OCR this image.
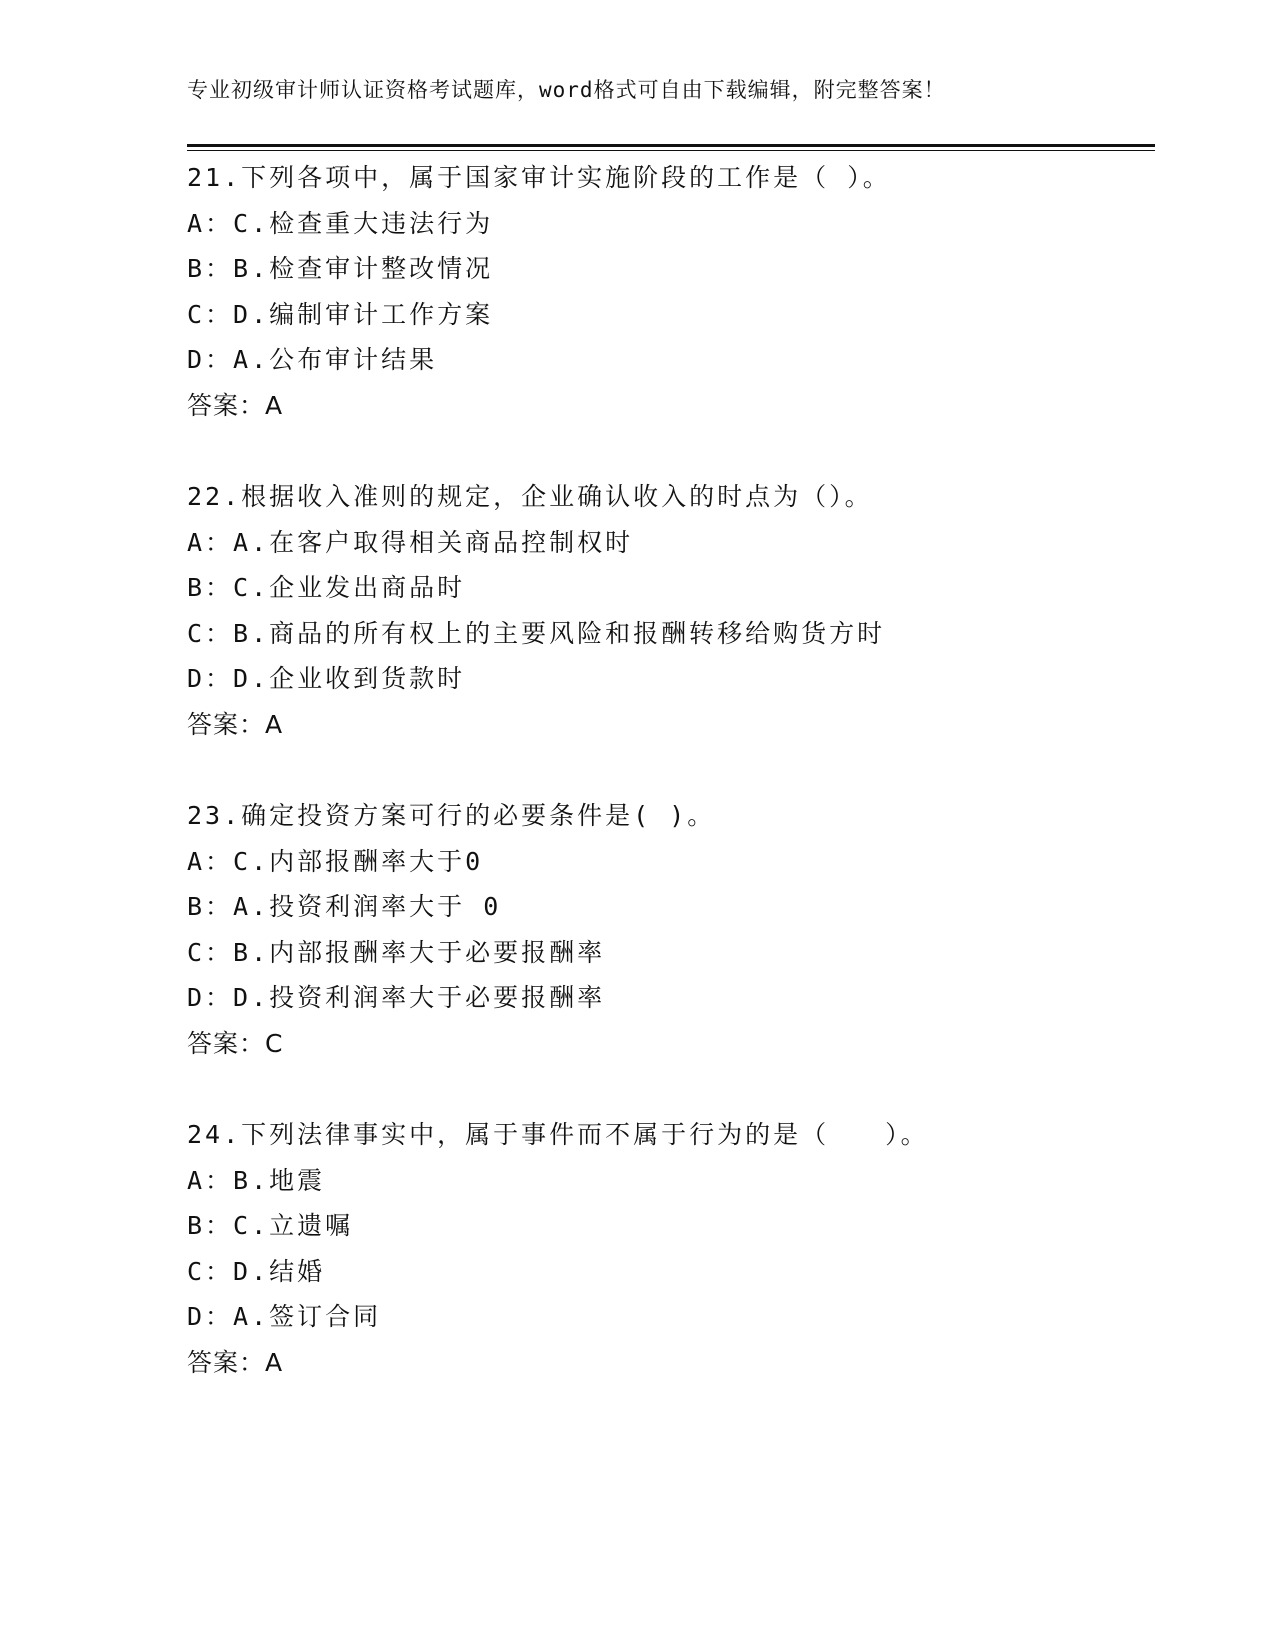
专业初级审计师认证资格考试题库，word格式可自由下载编辑，附完整答案！
21.下列各项中，属于国家审计实施阶段的工作是（ ）。
A：C.检查重大违法行为
B：B.检查审计整改情况
C：D.编制审计工作方案
D：A.公布审计结果
答案：A
22.根据收入准则的规定，企业确认收入的时点为（）。
A：A.在客户取得相关商品控制权时
B：C.企业发出商品时
C：B.商品的所有权上的主要风险和报酬转移给购货方时
D：D.企业收到货款时
答案：A
23.确定投资方案可行的必要条件是( )。
A：C.内部报酬率大于0
B：A.投资利润率大于 0
C：B.内部报酬率大于必要报酬率
D：D.投资利润率大于必要报酬率
答案：C
24.下列法律事实中，属于事件而不属于行为的是（　　）。
A：B.地震
B：C.立遗嘱
C：D.结婚
D：A.签订合同
答案：A
